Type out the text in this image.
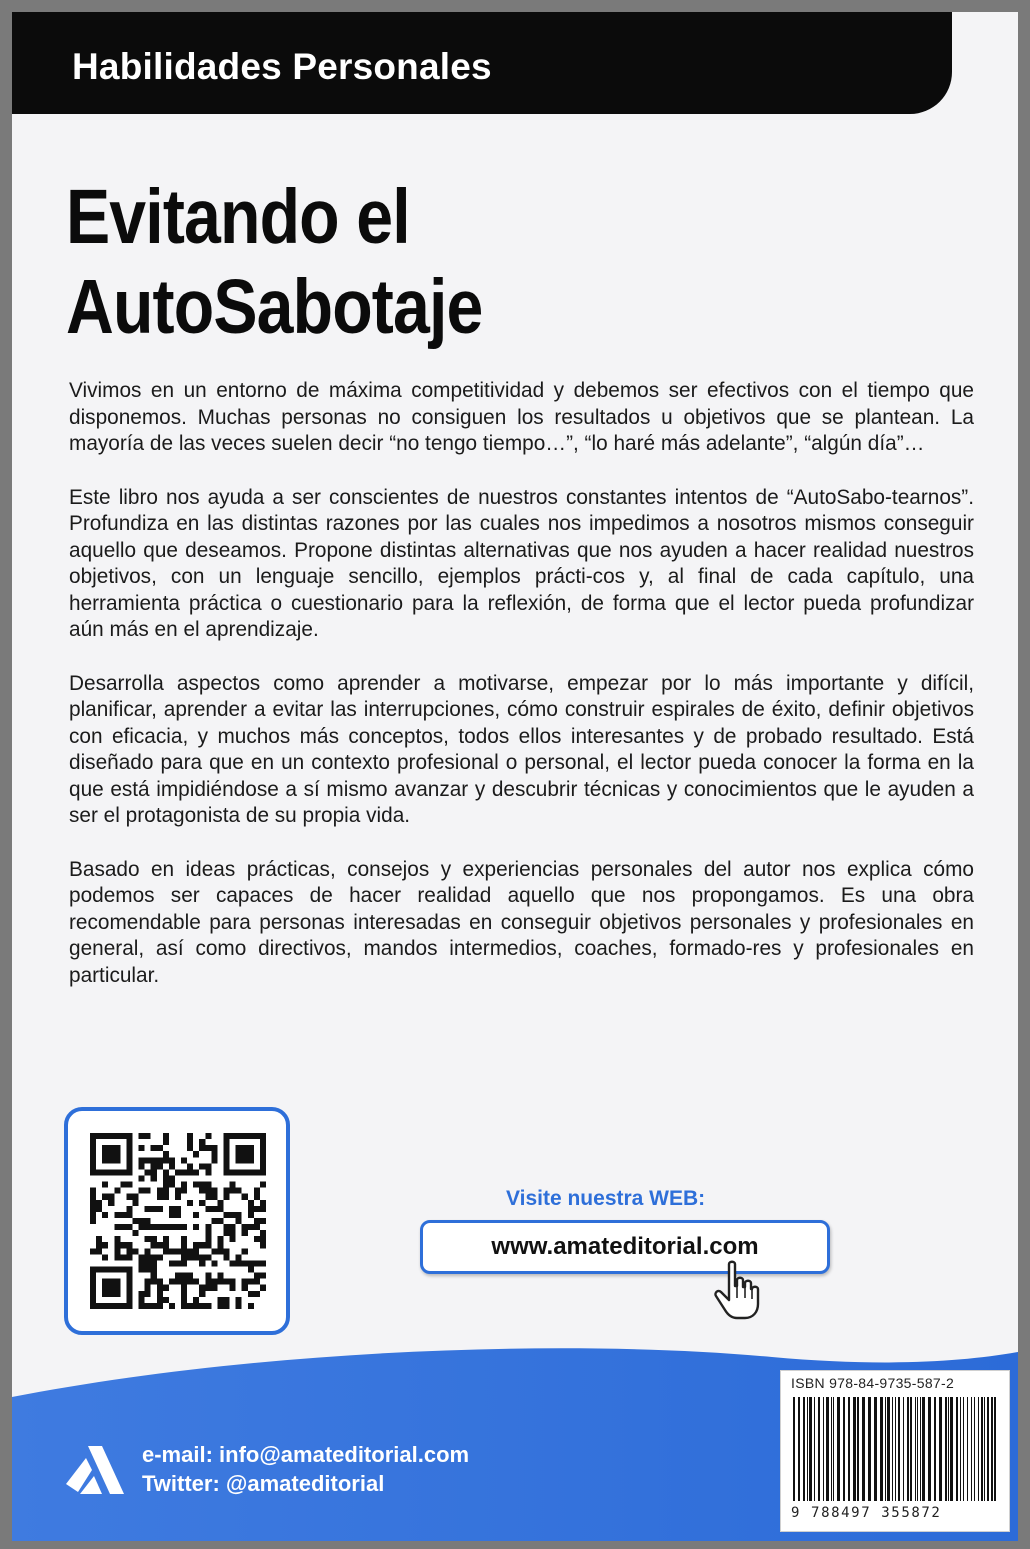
Habilidades Personales
Evitando el
AutoSabotaje

Vivimos en un entorno de máxima competitividad y debemos ser efectivos con el tiempo que disponemos. Muchas personas no consiguen los resultados u objetivos que se plantean. La mayoría de las veces suelen decir “no tengo tiempo…”, “lo haré más adelante”, “algún día”…

Este libro nos ayuda a ser conscientes de nuestros constantes intentos de “AutoSabo-tearnos”. Profundiza en las distintas razones por las cuales nos impedimos a nosotros mismos conseguir aquello que deseamos. Propone distintas alternativas que nos ayuden a hacer realidad nuestros objetivos, con un lenguaje sencillo, ejemplos prácti-cos y, al final de cada capítulo, una herramienta práctica o cuestionario para la reflexión, de forma que el lector pueda profundizar aún más en el aprendizaje.

Desarrolla aspectos como aprender a motivarse, empezar por lo más importante y difícil, planificar, aprender a evitar las interrupciones, cómo construir espirales de éxito, definir objetivos con eficacia, y muchos más conceptos, todos ellos interesantes y de probado resultado. Está diseñado para que en un contexto profesional o personal, el lector pueda conocer la forma en la que está impidiéndose a sí mismo avanzar y descubrir técnicas y conocimientos que le ayuden a ser el protagonista de su propia vida.

Basado en ideas prácticas, consejos y experiencias personales del autor nos explica cómo podemos ser capaces de hacer realidad aquello que nos propongamos. Es una obra recomendable para personas interesadas en conseguir objetivos personales y profesionales en general, así como directivos, mandos intermedios, coaches, formado-res y profesionales en particular.

Visite nuestra WEB:
www.amateditorial.com
e-mail: info@amateditorial.com
Twitter: @amateditorial
ISBN 978-84-9735-587-2
9 788497 355872
